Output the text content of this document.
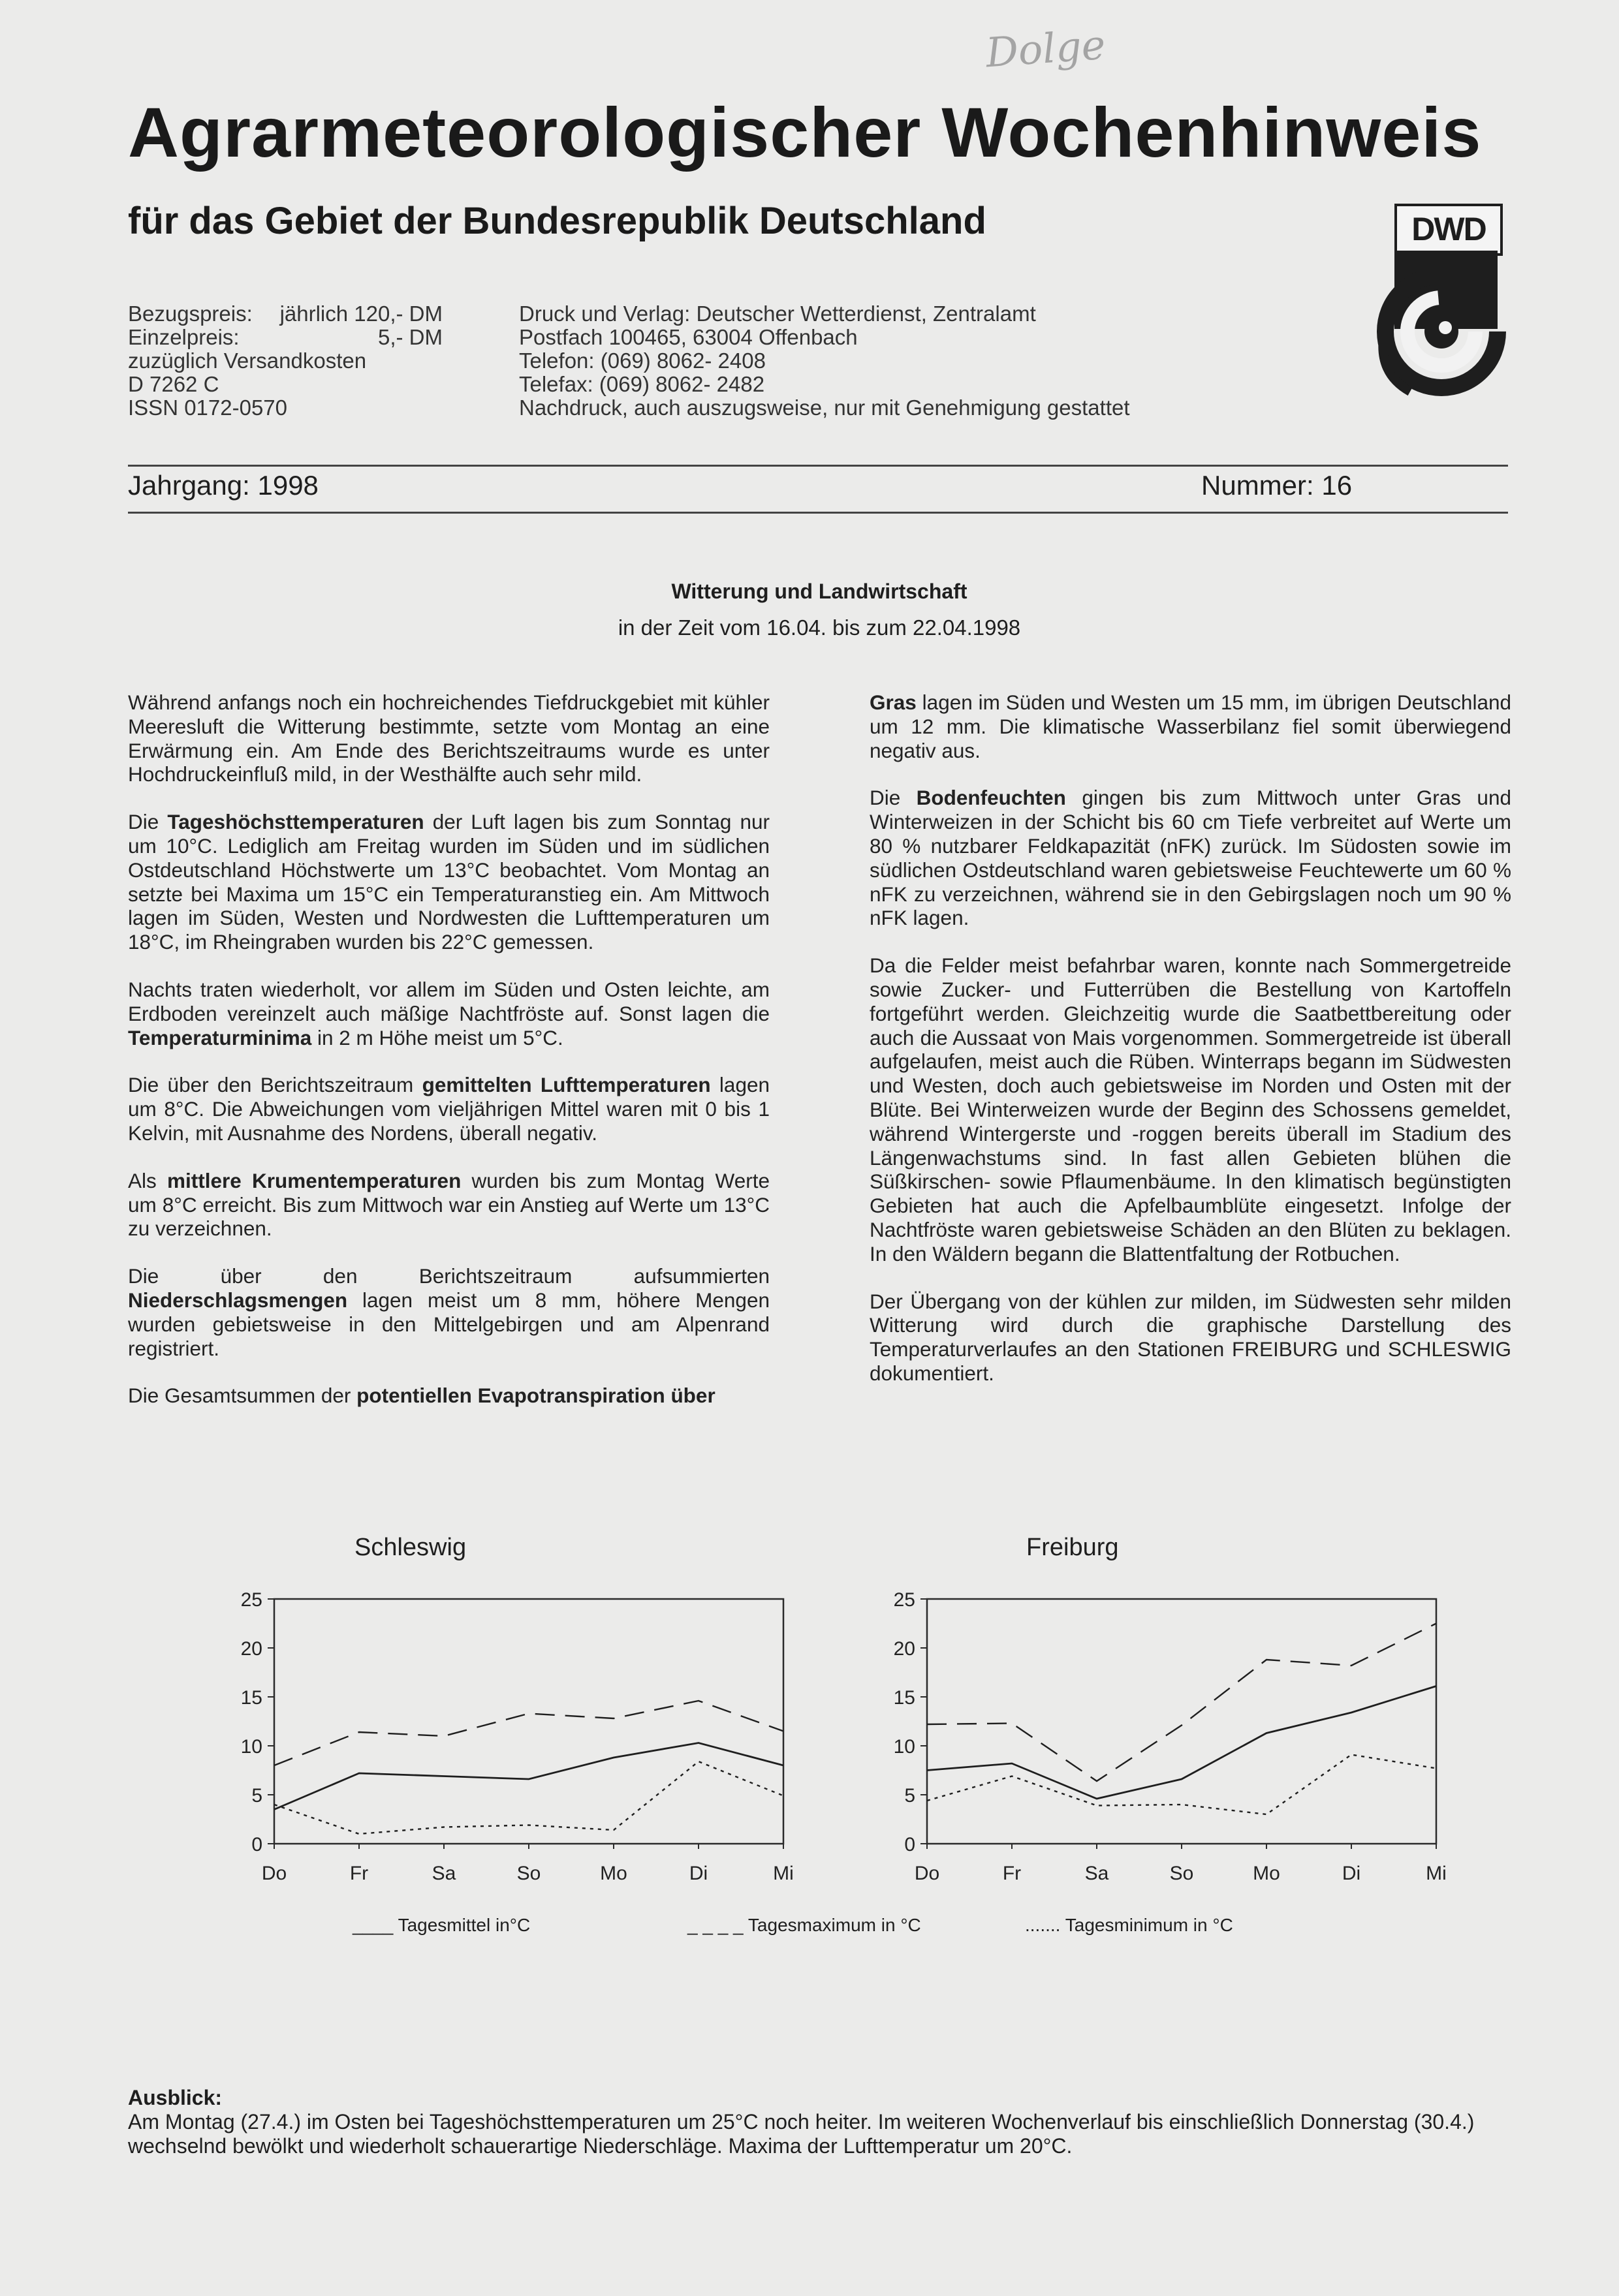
Dolge
Agrarmeteorologischer Wochenhinweis
für das Gebiet der Bundesrepublik Deutschland	DWD
Bezugspreis: jährlich 120,- DM
Einzelpreis:	5,- DM
zuzüglich Versandkosten
D 7262 C
ISSN 0172-0570
Druck und Verlag: Deutscher Wetterdienst, Zentralamt
Postfach 100465, 63004 Offenbach
Telefon: (069) 8062- 2408
Telefax: (069) 8062- 2482
Nachdruck, auch auszugsweise, nur mit Genehmigung gestattet
Jahrgang: 1998	Nummer: 16
Witterung und Landwirtschaft
in der Zeit vom 16.04. bis zum 22.04.1998

Während anfangs noch ein hochreichendes Tiefdruckgebiet mit kühler Meeresluft die Witterung bestimmte, setzte vom Montag an eine Erwärmung ein. Am Ende des Berichtszeitraums wurde es unter Hochdruckeinfluß mild, in der Westhälfte auch sehr mild.

Die Tageshöchsttemperaturen der Luft lagen bis zum Sonntag nur um 10°C. Lediglich am Freitag wurden im Süden und im südlichen Ostdeutschland Höchstwerte um 13°C beobachtet. Vom Montag an setzte bei Maxima um 15°C ein Temperaturanstieg ein. Am Mittwoch lagen im Süden, Westen und Nordwesten die Lufttemperaturen um 18°C, im Rheingraben wurden bis 22°C gemessen.

Nachts traten wiederholt, vor allem im Süden und Osten leichte, am Erdboden vereinzelt auch mäßige Nachtfröste auf. Sonst lagen die Temperaturminima in 2 m Höhe meist um 5°C.

Die über den Berichtszeitraum gemittelten Lufttemperaturen lagen um 8°C. Die Abweichungen vom vieljährigen Mittel waren mit 0 bis 1 Kelvin, mit Ausnahme des Nordens, überall negativ.

Als mittlere Krumentemperaturen wurden bis zum Montag Werte um 8°C erreicht. Bis zum Mittwoch war ein Anstieg auf Werte um 13°C zu verzeichnen.

Die über den Berichtszeitraum aufsummierten Niederschlagsmengen lagen meist um 8 mm, höhere Mengen wurden gebietsweise in den Mittelgebirgen und am Alpenrand registriert.

Die Gesamtsummen der potentiellen Evapotranspiration über

Gras lagen im Süden und Westen um 15 mm, im übrigen Deutschland um 12 mm. Die klimatische Wasserbilanz fiel somit überwiegend negativ aus.

Die Bodenfeuchten gingen bis zum Mittwoch unter Gras und Winterweizen in der Schicht bis 60 cm Tiefe verbreitet auf Werte um 80 % nutzbarer Feldkapazität (nFK) zurück. Im Südosten sowie im südlichen Ostdeutschland waren gebietsweise Feuchtewerte um 60 % nFK zu verzeichnen, während sie in den Gebirgslagen noch um 90 % nFK lagen.

Da die Felder meist befahrbar waren, konnte nach Sommergetreide sowie Zucker- und Futterrüben die Bestellung von Kartoffeln fortgeführt werden. Gleichzeitig wurde die Saatbettbereitung oder auch die Aussaat von Mais vorgenommen. Sommergetreide ist überall aufgelaufen, meist auch die Rüben. Winterraps begann im Südwesten und Westen, doch auch gebietsweise im Norden und Osten mit der Blüte. Bei Winterweizen wurde der Beginn des Schossens gemeldet, während Wintergerste und -roggen bereits überall im Stadium des Längenwachstums sind. In fast allen Gebieten blühen die Süßkirschen- sowie Pflaumenbäume. In den klimatisch begünstigten Gebieten hat auch die Apfelbaumblüte eingesetzt. Infolge der Nachtfröste waren gebietsweise Schäden an den Blüten zu beklagen. In den Wäldern begann die Blattentfaltung der Rotbuchen.

Der Übergang von der kühlen zur milden, im Südwesten sehr milden Witterung wird durch die graphische Darstellung des Temperaturverlaufes an den Stationen FREIBURG und SCHLESWIG dokumentiert.

Schleswig
0
5
10
15
20
25
Do	Fr	Sa	So	Mo	Di	Mi
Freiburg
0
5
10
15
20
25
Do	Fr	Sa	So	Mo	Di	Mi
____ Tagesmittel in°C	_ _ _ _ Tagesmaximum in °C	....... Tagesminimum in °C
Ausblick:
Am Montag (27.4.) im Osten bei Tageshöchsttemperaturen um 25°C noch heiter. Im weiteren Wochenverlauf bis einschließlich Donnerstag (30.4.) wechselnd bewölkt und wiederholt schauerartige Niederschläge. Maxima der Lufttemperatur um 20°C.
